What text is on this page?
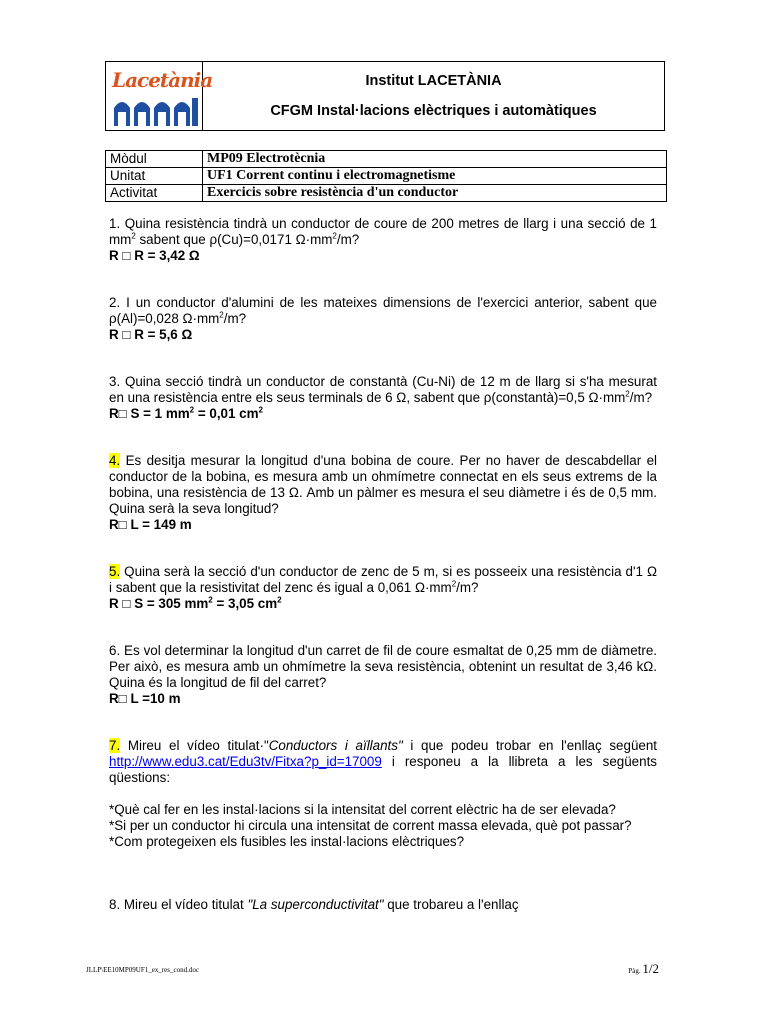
Lacetània	Institut LACETÀNIA
CFGM Instal·lacions elèctriques i automàtiques
Mòdul	MP09 Electrotècnia
Unitat	UF1 Corrent continu i electromagnetisme
Activitat	Exercicis sobre resistència d'un conductor

1. Quina resistència tindrà un conductor de coure de 200 metres de llarg i una secció de 1 $mm^2$ sabent que ρ(Cu)=0,0171 $\Omega\cdot mm^2/m$?

R □ R = 3,42 Ω

2. I un conductor d'alumini de les mateixes dimensions de l'exercici anterior, sabent que ρ(Al)=0,028 $\Omega\cdot mm^2/m$?

R □ R = 5,6 Ω

3. Quina secció tindrà un conductor de constantà (Cu-Ni) de 12 m de llarg si s'ha mesurat en una resistència entre els seus terminals de 6 Ω, sabent que ρ(constantà)=0,5 $\Omega\cdot mm^2/m$?

R□ S = 1 $mm^2 = 0,01$ $cm^2$

4. Es desitja mesurar la longitud d'una bobina de coure. Per no haver de descabdellar el conductor de la bobina, es mesura amb un ohmímetre connectat en els seus extrems de la bobina, una resistència de 13 Ω. Amb un pàlmer es mesura el seu diàmetre i és de 0,5 mm. Quina serà la seva longitud?

R□ L = 149 m

5. Quina serà la secció d'un conductor de zenc de 5 m, si es posseeix una resistència d'1 Ω i sabent que la resistivitat del zenc és igual a 0,061 $\Omega\cdot mm^2/m$?

R □ S = 305 $mm^2 = 3,05$ $cm^2$

6. Es vol determinar la longitud d'un carret de fil de coure esmaltat de 0,25 mm de diàmetre. Per això, es mesura amb un ohmímetre la seva resistència, obtenint un resultat de 3,46 kΩ. Quina és la longitud de fil del carret?

R□ L =10 m

7. Mireu el vídeo titulat·"Conductors i aïllants" i que podeu trobar en l'enllaç següent http://www.edu3.cat/Edu3tv/Fitxa?p_id=17009 i responeu a la llibreta a les següents qüestions:

*Què cal fer en les instal·lacions si la intensitat del corrent elèctric ha de ser elevada?

*Si per un conductor hi circula una intensitat de corrent massa elevada, què pot passar?

*Com protegeixen els fusibles les instal·lacions elèctriques?

8. Mireu el vídeo titulat "La superconductivitat" que trobareu a l'enllaç

JLLP\EE10MP09UF1_ex_res_cond.doc	Pàg. 1/2
